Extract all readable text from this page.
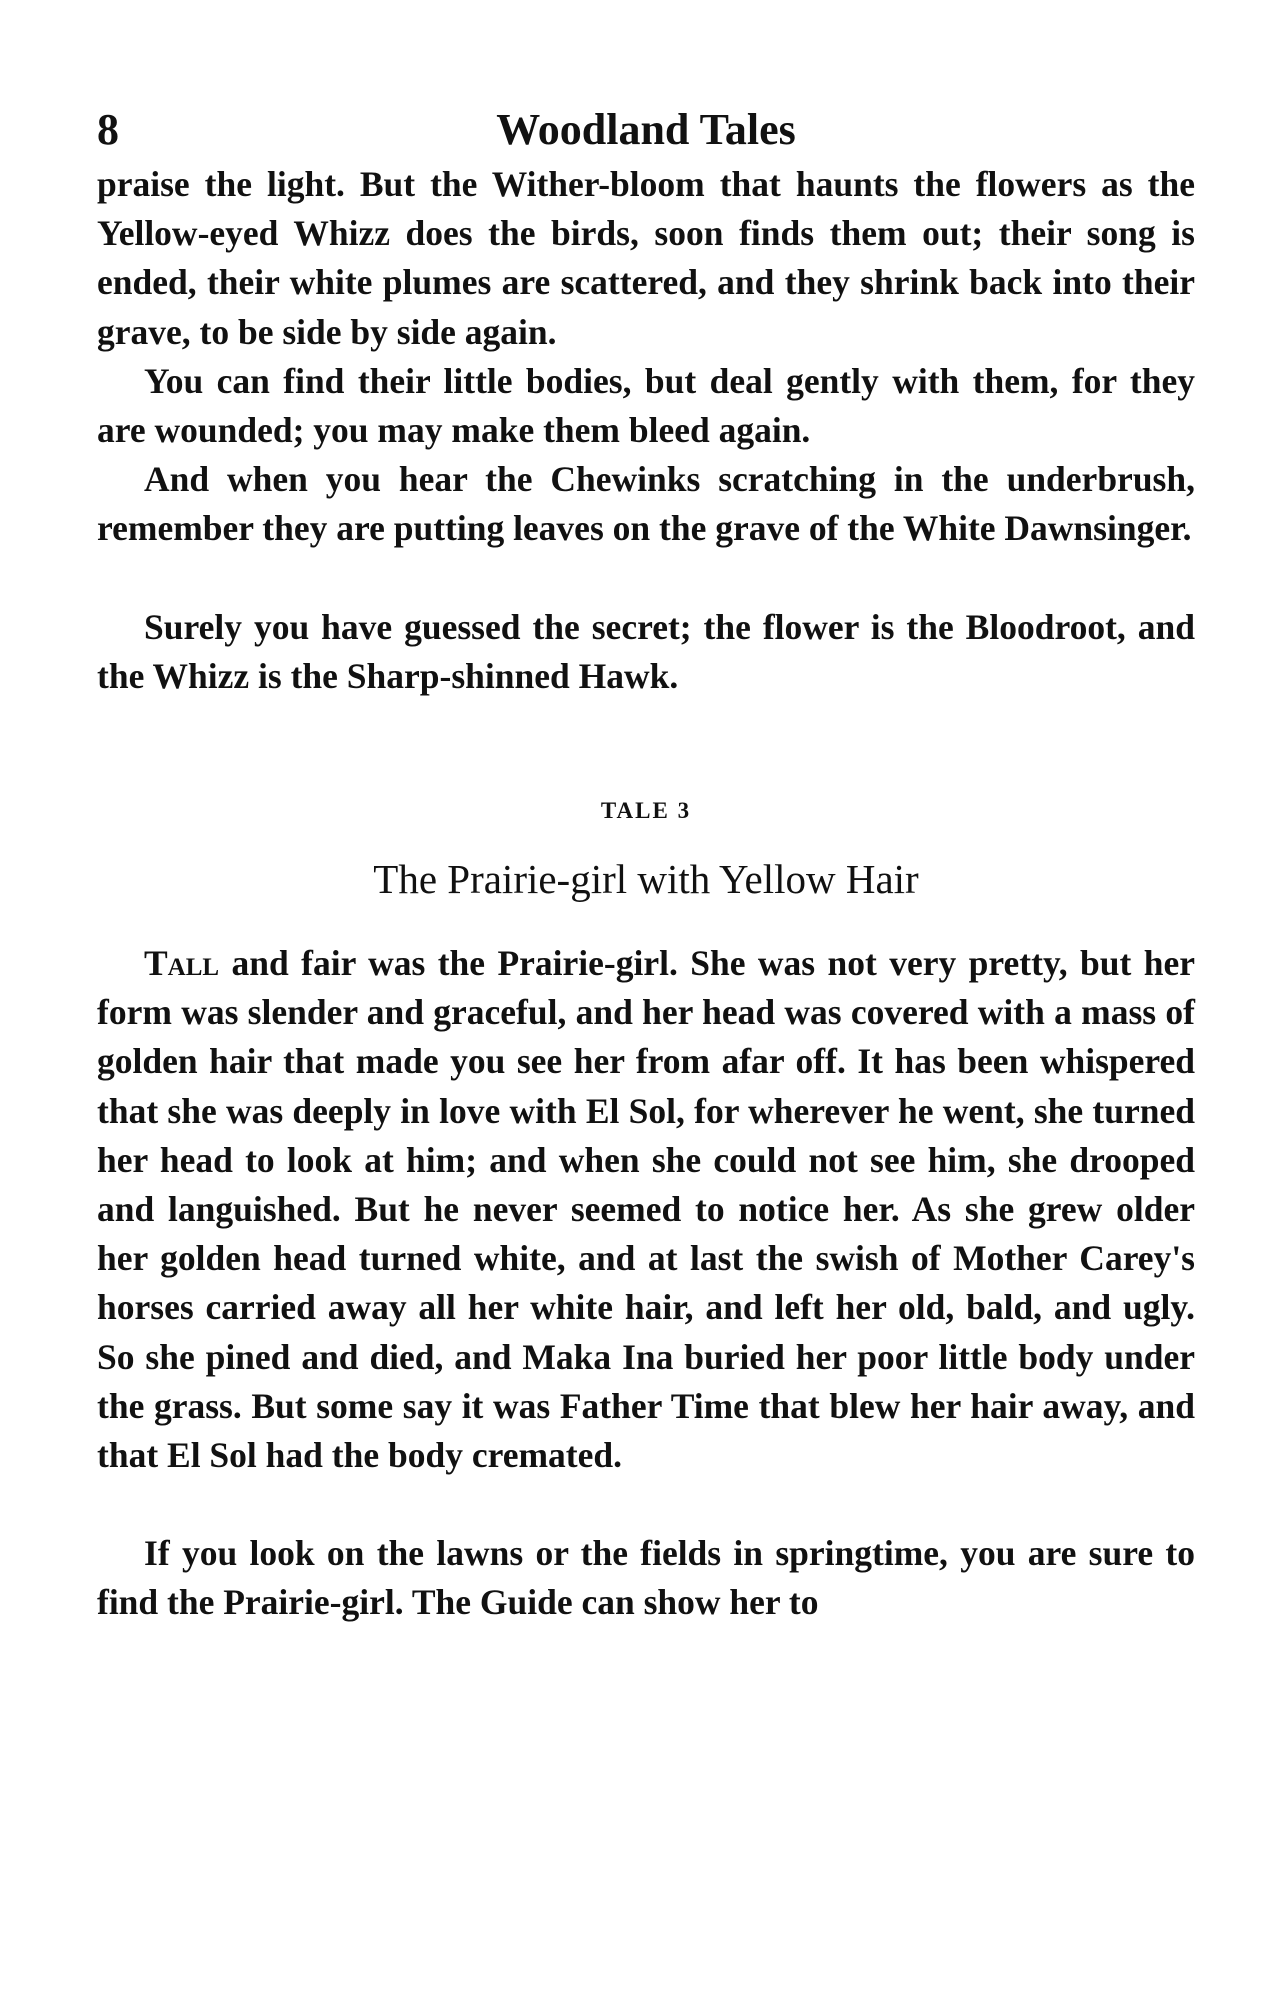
8	Woodland Tales

praise the light. But the Wither-bloom that haunts the flowers as the Yellow-eyed Whizz does the birds, soon finds them out; their song is ended, their white plumes are scattered, and they shrink back into their grave, to be side by side again.

You can find their little bodies, but deal gently with them, for they are wounded; you may make them bleed again.

And when you hear the Chewinks scratching in the underbrush, remember they are putting leaves on the grave of the White Dawnsinger.

Surely you have guessed the secret; the flower is the Bloodroot, and the Whizz is the Sharp-shinned Hawk.

TALE 3
The Prairie-girl with Yellow Hair

Tall and fair was the Prairie-girl. She was not very pretty, but her form was slender and graceful, and her head was covered with a mass of golden hair that made you see her from afar off. It has been whispered that she was deeply in love with El Sol, for wherever he went, she turned her head to look at him; and when she could not see him, she drooped and languished. But he never seemed to notice her. As she grew older her golden head turned white, and at last the swish of Mother Carey's horses carried away all her white hair, and left her old, bald, and ugly. So she pined and died, and Maka Ina buried her poor little body under the grass. But some say it was Father Time that blew her hair away, and that El Sol had the body cremated.

If you look on the lawns or the fields in springtime, you are sure to find the Prairie-girl. The Guide can show her to
